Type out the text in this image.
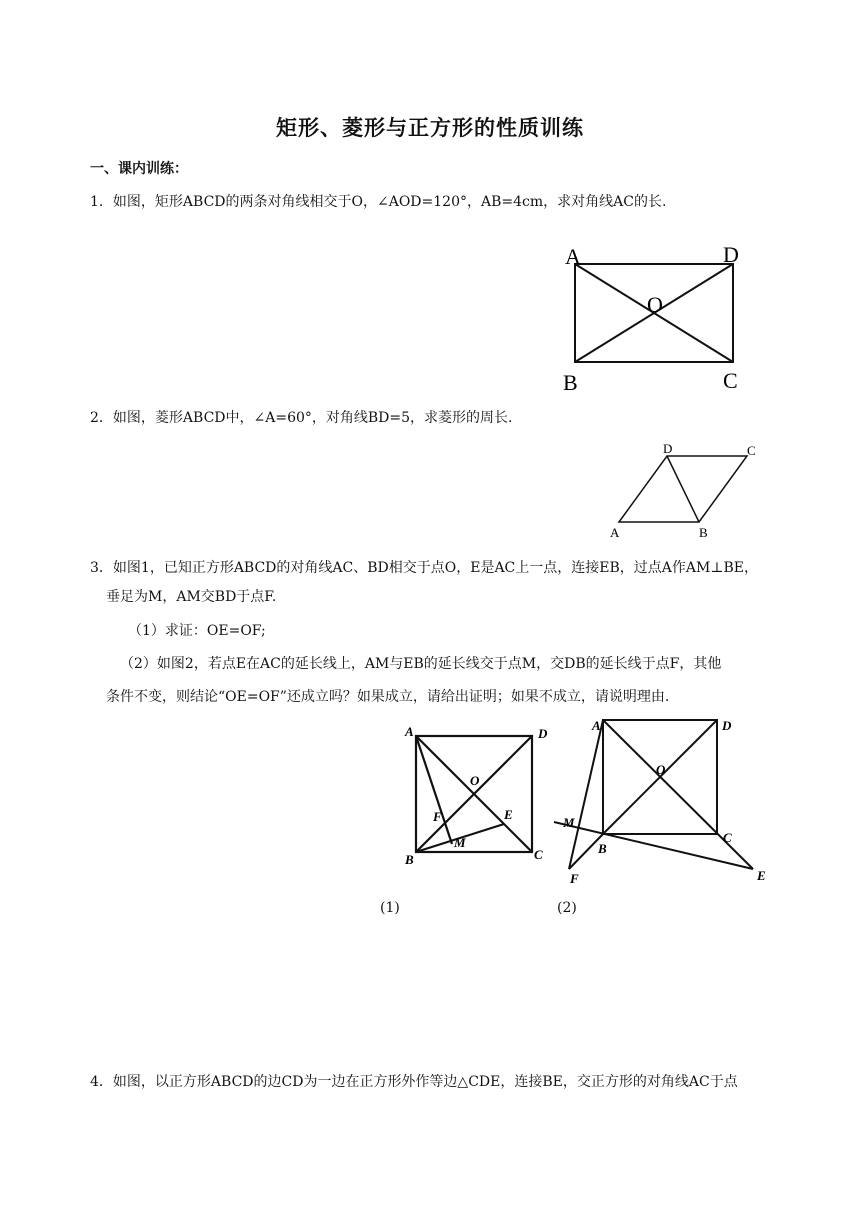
矩形、菱形与正方形的性质训练
一、课内训练：
1．如图，矩形ABCD的两条对角线相交于O，∠AOD=120°，AB=4cm，求对角线AC的长.
A	D
O
B	C
2．如图，菱形ABCD中，∠A=60°，对角线BD=5，求菱形的周长.
D	C
A	B
3．如图1，已知正方形ABCD的对角线AC、BD相交于点O，E是AC上一点，连接EB，过点A作AM⊥BE，
垂足为M，AM交BD于点F.
（1）求证：OE=OF;
（2）如图2，若点E在AC的延长线上，AM与EB的延长线交于点M，交DB的延长线于点F，其他
条件不变，则结论“OE=OF”还成立吗？如果成立，请给出证明；如果不成立，请说明理由.
A	D
O
F	E
M
B	C
A	D
O
M
B
C
F	E
(1)	(2)
4．如图，以正方形ABCD的边CD为一边在正方形外作等边△CDE，连接BE，交正方形的对角线AC于点
